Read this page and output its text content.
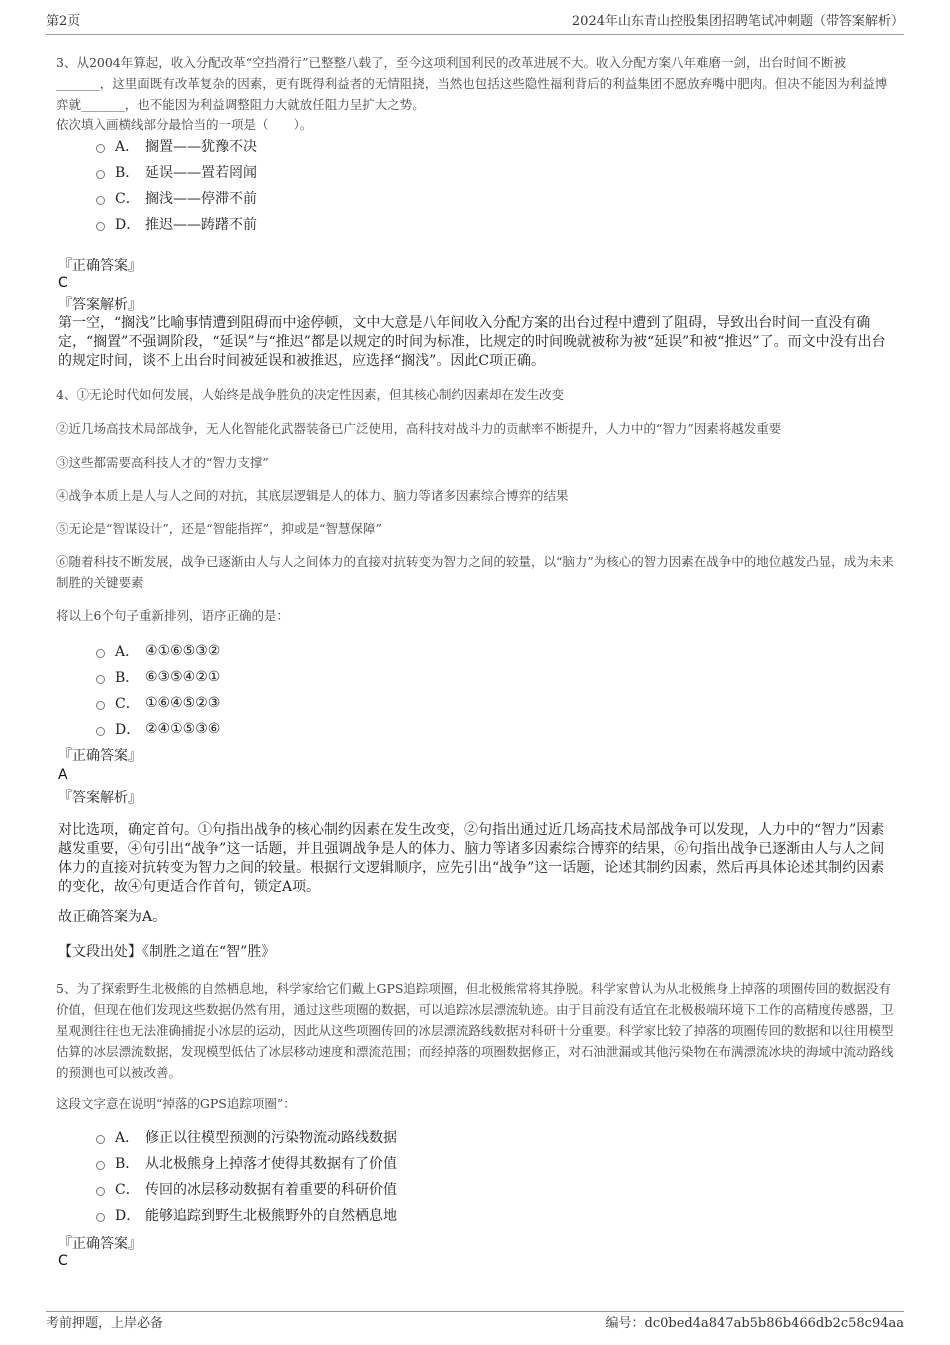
第2页	2024年山东青山控股集团招聘笔试冲刺题（带答案解析）
3、从2004年算起，收入分配改革“空挡滑行”已整整八载了，至今这项利国利民的改革进展不大。收入分配方案八年难磨一剑，出台时间不断被_______，这里面既有改革复杂的因素，更有既得利益者的无情阻挠，当然也包括这些隐性福利背后的利益集团不愿放弃嘴中肥肉。但决不能因为利益博弈就_______，也不能因为利益调整阻力大就放任阻力呈扩大之势。
依次填入画横线部分最恰当的一项是（　　）。
A． 搁置——犹豫不决
B． 延误——置若罔闻
C． 搁浅——停滞不前
D． 推迟——踌躇不前
『正确答案』
C
『答案解析』
第一空，“搁浅”比喻事情遭到阻碍而中途停顿，文中大意是八年间收入分配方案的出台过程中遭到了阻碍，导致出台时间一直没有确定，“搁置”不强调阶段，“延误”与“推迟”都是以规定的时间为标准，比规定的时间晚就被称为被“延误”和被“推迟”了。而文中没有出台的规定时间，谈不上出台时间被延误和被推迟，应选择“搁浅”。因此C项正确。
4、①无论时代如何发展，人始终是战争胜负的决定性因素，但其核心制约因素却在发生改变
②近几场高技术局部战争，无人化智能化武器装备已广泛使用，高科技对战斗力的贡献率不断提升，人力中的“智力”因素将越发重要
③这些都需要高科技人才的“智力支撑”
④战争本质上是人与人之间的对抗，其底层逻辑是人的体力、脑力等诸多因素综合博弈的结果
⑤无论是“智谋设计”，还是“智能指挥”，抑或是“智慧保障”
⑥随着科技不断发展，战争已逐渐由人与人之间体力的直接对抗转变为智力之间的较量，以“脑力”为核心的智力因素在战争中的地位越发凸显，成为未来制胜的关键要素
将以上6个句子重新排列，语序正确的是：
A． ④①⑥⑤③②
B． ⑥③⑤④②①
C． ①⑥④⑤②③
D． ②④①⑤③⑥
『正确答案』
A
『答案解析』
对比选项，确定首句。①句指出战争的核心制约因素在发生改变，②句指出通过近几场高技术局部战争可以发现，人力中的“智力”因素越发重要，④句引出“战争”这一话题，并且强调战争是人的体力、脑力等诸多因素综合博弈的结果，⑥句指出战争已逐渐由人与人之间体力的直接对抗转变为智力之间的较量。根据行文逻辑顺序，应先引出“战争”这一话题，论述其制约因素，然后再具体论述其制约因素的变化，故④句更适合作首句，锁定A项。
故正确答案为A。
【文段出处】《制胜之道在“智”胜》
5、为了探索野生北极熊的自然栖息地，科学家给它们戴上GPS追踪项圈，但北极熊常将其挣脱。科学家曾认为从北极熊身上掉落的项圈传回的数据没有价值，但现在他们发现这些数据仍然有用，通过这些项圈的数据，可以追踪冰层漂流轨迹。由于目前没有适宜在北极极端环境下工作的高精度传感器，卫星观测往往也无法准确捕捉小冰层的运动，因此从这些项圈传回的冰层漂流路线数据对科研十分重要。科学家比较了掉落的项圈传回的数据和以往用模型估算的冰层漂流数据，发现模型低估了冰层移动速度和漂流范围；而经掉落的项圈数据修正，对石油泄漏或其他污染物在布满漂流冰块的海域中流动路线的预测也可以被改善。
这段文字意在说明“掉落的GPS追踪项圈”：
A． 修正以往模型预测的污染物流动路线数据
B． 从北极熊身上掉落才使得其数据有了价值
C． 传回的冰层移动数据有着重要的科研价值
D． 能够追踪到野生北极熊野外的自然栖息地
『正确答案』
C
考前押题，上岸必备	编号：dc0bed4a847ab5b86b466db2c58c94aa
